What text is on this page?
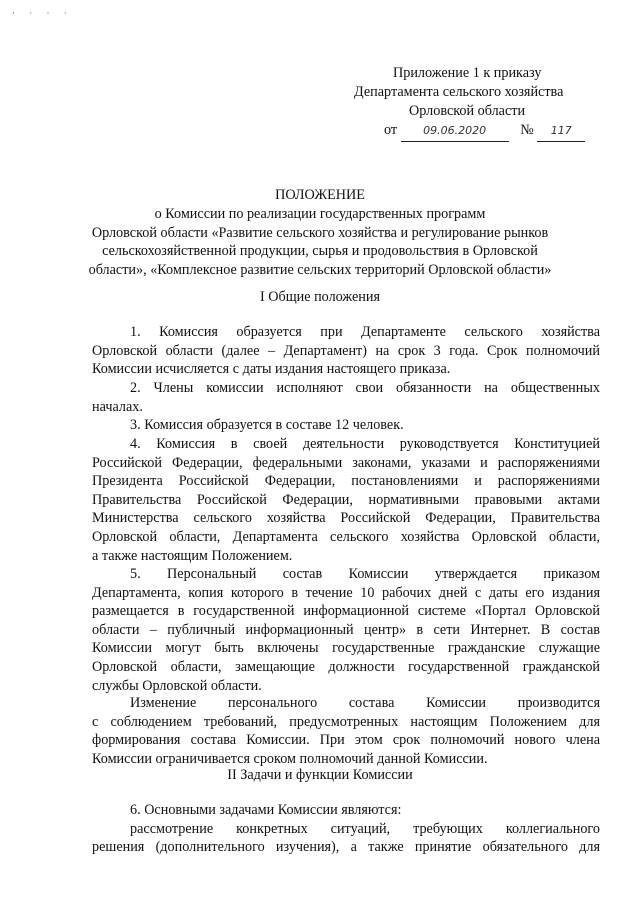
· · · ·
Приложение 1 к приказу
Департамента сельского хозяйства
Орловской области
от 09.06.2020 № 117
ПОЛОЖЕНИЕ
о Комиссии по реализации государственных программ
Орловской области «Развитие сельского хозяйства и регулирование рынков
сельскохозяйственной продукции, сырья и продовольствия в Орловской
области», «Комплексное развитие сельских территорий Орловской области»
I Общие положения
1. Комиссия образуется при Департаменте сельского хозяйства
Орловской области (далее – Департамент) на срок 3 года. Срок полномочий
Комиссии исчисляется с даты издания настоящего приказа.
2. Члены комиссии исполняют свои обязанности на общественных
началах.
3. Комиссия образуется в составе 12 человек.
4. Комиссия в своей деятельности руководствуется Конституцией
Российской Федерации, федеральными законами, указами и распоряжениями
Президента Российской Федерации, постановлениями и распоряжениями
Правительства Российской Федерации, нормативными правовыми актами
Министерства сельского хозяйства Российской Федерации, Правительства
Орловской области, Департамента сельского хозяйства Орловской области,
а также настоящим Положением.
5. Персональный состав Комиссии утверждается приказом
Департамента, копия которого в течение 10 рабочих дней с даты его издания
размещается в государственной информационной системе «Портал Орловской
области – публичный информационный центр» в сети Интернет. В состав
Комиссии могут быть включены государственные гражданские служащие
Орловской области, замещающие должности государственной гражданской
службы Орловской области.
Изменение персонального состава Комиссии производится
с соблюдением требований, предусмотренных настоящим Положением для
формирования состава Комиссии. При этом срок полномочий нового члена
Комиссии ограничивается сроком полномочий данной Комиссии.
II Задачи и функции Комиссии
6. Основными задачами Комиссии являются:
рассмотрение конкретных ситуаций, требующих коллегиального
решения (дополнительного изучения), а также принятие обязательного для
